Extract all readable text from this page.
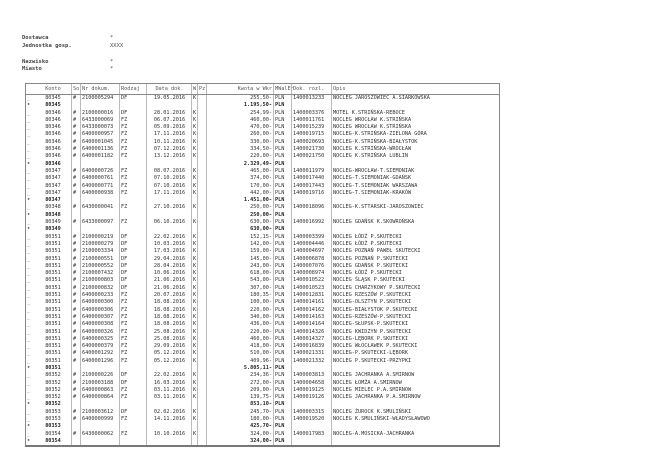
Dostawca	*
Jednostka gosp.	XXXX
Nazwisko	*
Miasto	*
Konto	So Nr dokum.	Rodzaj	Data dok.	W Pz	Kwota w Wkr MWalEr Dok. rozl.	Opis
_	80345	#	2100005294	DF	19.05.2016	K	255,50- PLN	1400013233	NOCLEG JAROSZOWIEC A.SIARKOWSKA
•	80345	1.195,50- PLN
_	80346	#	2100000016	DF	28.01.2016	K	254,99- PLN	1400003376	MOTEL K.STRIŃSKA-REBOCE
_	80346	#	6433000069	FZ	06.07.2016	K	460,00- PLN	1400011761	NOCLEG WROCŁAW K.STRIŃSKA
_	80346	#	6433000073	FZ	05.09.2016	K	470,00- PLN	1400015239	NOCLEG WROCŁAW K.STRIŃSKA
_	80346	#	6400000957	FZ	17.11.2016	K	260,00- PLN	1400019715	NOCLEG-K.STRIŃSKA-ZIELONA GÓRA
_	80346	#	6400001045	FZ	10.11.2016	K	330,00- PLN	1400020693	NOCLEG-K.STRIŃSKA-BIAŁYSTOK
_	80346	#	6400001136	FZ	07.12.2016	K	334,50- PLN	1400021730	NOCLEG K.STRIŃSKA-WROCŁAW
_	80346	#	6400001182	FZ	13.12.2016	K	220,00- PLN	1400021750	NOCLEG K.STRIŃSKA LUBLIN
•	80346	2.329,49- PLN
_	80347	#	6400000726	FZ	08.07.2016	K	465,00- PLN	1400011979	NOCLEG-WROCŁAW-T.SIEMONIAK
_	80347	#	6400000761	FZ	07.10.2016	K	374,00- PLN	1400017440	NOCLEG-T.SIEMONIAK-GDAŃSK
_	80347	#	6400000771	FZ	07.10.2016	K	170,00- PLN	1400017443	NOCLEG-T.SIEMONIAK WARSZAWA
_	80347	#	6400000938	FZ	17.11.2016	K	442,00- PLN	1400019716	NOCLEG-T.SIEMONIAK-KRAKÓW
•	80347	1.451,00- PLN
_	80348	#	6430000041	FZ	27.10.2016	K	250,00- PLN	1400018096	NOCLEG-K.STTARSKI-JAROSZOWIEC
•	80348	250,00- PLN
_	80349	#	6433000097	FZ	06.10.2016	K	630,00- PLN	1400016992	NOCLEG GDAŃSK K.SKOWROŃSKA
•	80349	630,00- PLN
_	80351	#	2100000219	DF	22.02.2016	K	152,15- PLN	1400003399	NOCLEG ŁÓDŹ P.SKUTECKI
_	80351	#	2100000279	DF	10.03.2016	K	142,00- PLN	1400004446	NOCLEG ŁÓDŹ P.SKUTECKI
_	80351	#	2100003334	DF	17.03.2016	K	159,00- PLN	1400004697	NOCLEG POZNAŃ PAWEŁ SKUTECKI
_	80351	#	2100000551	DF	29.04.2016	K	145,00- PLN	1400006878	NOCLEG POZNAŃ P.SKUTECKI
_	80351	#	2100000552	DF	28.04.2016	K	243,00- PLN	1400007076	NOCLEG GDAŃSK P.SKUTECKI
_	80351	#	2100007432	DF	10.06.2016	K	618,00- PLN	1400008974	NOCLEG ŁÓDŹ P.SKUTECKI
_	80351	#	2100000803	DF	21.06.2016	K	543,00- PLN	1400010522	NOCLEG ŚLĄSK P.SKUTECKI
_	80351	#	2100000832	DF	21.06.2016	K	307,00- PLN	1400010523	NOCLEG CHARZYKOWY P.SKUTECKI
_	80351	#	6400000233	FZ	20.07.2016	K	180,35- PLN	1400012831	NOCLEG RZESZÓW P.SKUTECKI
_	80351	#	6400000300	FZ	18.08.2016	K	100,00- PLN	1400014161	NOCLEG-OLSZTYN P.SKUTECKI
_	80351	#	6400000306	FZ	18.08.2016	K	220,00- PLN	1400014162	NOCLEG-BIAŁYSTOK P.SKUTECKI
_	80351	#	6400000307	FZ	18.08.2016	K	340,00- PLN	1400014163	NOCLEG-RZESZÓW-P.SKUTECKI
_	80351	#	6400000308	FZ	18.08.2016	K	436,00- PLN	1400014164	NOCLEG-SŁUPSK-P.SKUTECKI
_	80351	#	6400000326	FZ	25.08.2016	K	220,00- PLN	1400014326	NOCLEG KWIDZYN P.SKUTECKI
_	80351	#	6400000325	FZ	25.08.2016	K	460,00- PLN	1400014327	NOCLEG-LĘBORK P.SKUTECKI
_	80351	#	6400000379	FZ	29.09.2016	K	418,00- PLN	1400016839	NOCLEG WŁOCŁAWEK P.SKUTECKI
_	80351	#	6400001292	FZ	05.12.2016	K	510,00- PLN	1400021331	NOCLEG-P.SKUTECKI-LĘBORK
_	80351	#	6400001296	FZ	05.12.2016	K	409,96- PLN	1400021332	NOCLEG P.SKUTECKI-PRZYPKI
•	80351	5.805,11- PLN
_	80352	#	2100000226	DF	22.02.2016	K	234,36- PLN	1400003813	NOCLEG JACHRANKA A.SMIRNOW
_	80352	#	2100003188	DF	16.03.2016	K	272,00- PLN	1400004658	NOCLEG ŁOMŻA A.SMIRNOW
_	80352	#	6400000863	FZ	03.11.2016	K	209,00- PLN	1400019125	NOCLEG MIELEC P.A.SMIRNOW
_	80352	#	6400000864	FZ	03.11.2016	K	139,75- PLN	1400019126	NOCLEG JACHRANKA P.A.SMIRNOW
•	80352	853,10- PLN
_	80353	#	2100003612	DF	02.02.2016	K	245,70- PLN	1400003315	NOCLEG ŻUROCK K.SMULIŃSKI
_	80353	#	6400000999	FZ	14.11.2016	K	180,00- PLN	1400019520	NOCLEG K.SMULIŃSKI-WŁADYSŁAWOWO
•	80353	425,70- PLN
_	80354	#	6430000062	FZ	10.10.2016	K	324,00- PLN	1400017983	NOCLEG-A.MOSICKA-JACHRANKA
•	80354	324,00- PLN
